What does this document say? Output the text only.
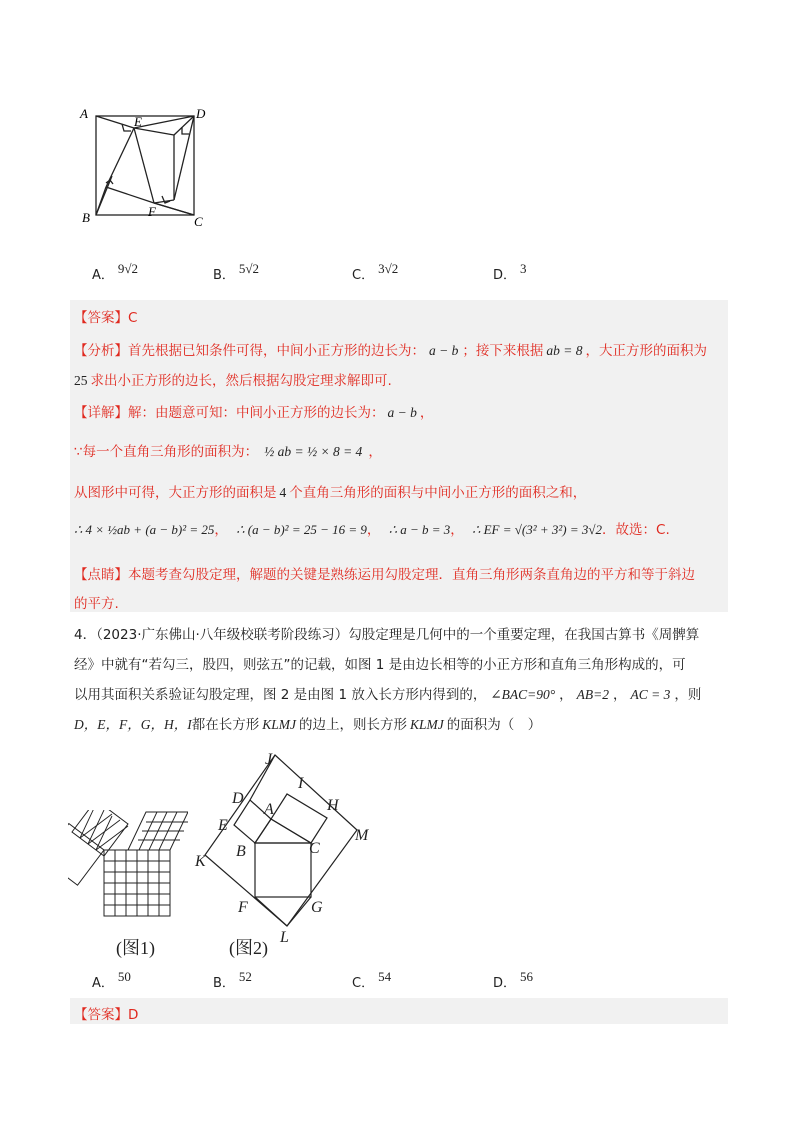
A	D
E
B	F
C
A． 9√2	B． 5√2	C． 3√2	D． 3
【答案】C
【分析】首先根据已知条件可得，中间小正方形的边长为： a − b ；接下来根据 ab = 8 ，大正方形的面积为
25 求出小正方形的边长，然后根据勾股定理求解即可.
【详解】解：由题意可知：中间小正方形的边长为： a − b ，
∵每一个直角三角形的面积为： ½ ab = ½ × 8 = 4 ，
从图形中可得，大正方形的面积是 4 个直角三角形的面积与中间小正方形的面积之和，
∴ 4 × ½ab + (a − b)² = 25， ∴ (a − b)² = 25 − 16 = 9， ∴ a − b = 3， ∴ EF = √(3² + 3²) = 3√2．故选：C.
【点睛】本题考查勾股定理，解题的关键是熟练运用勾股定理．直角三角形两条直角边的平方和等于斜边
的平方.
4．（2023·广东佛山·八年级校联考阶段练习）勾股定理是几何中的一个重要定理，在我国古算书《周髀算
经》中就有“若勾三，股四，则弦五”的记载，如图 1 是由边长相等的小正方形和直角三角形构成的，可
以用其面积关系验证勾股定理，图 2 是由图 1 放入长方形内得到的， ∠BAC=90° ， AB=2 ， AC = 3 ，则
D，E，F，G，H，I都在长方形 KLMJ 的边上，则长方形 KLMJ 的面积为（　）
(图1)
J
I
D
A	H
E
M
B	C
K
F	G
L
(图2)
A． 50	B． 52	C． 54	D． 56
【答案】D
